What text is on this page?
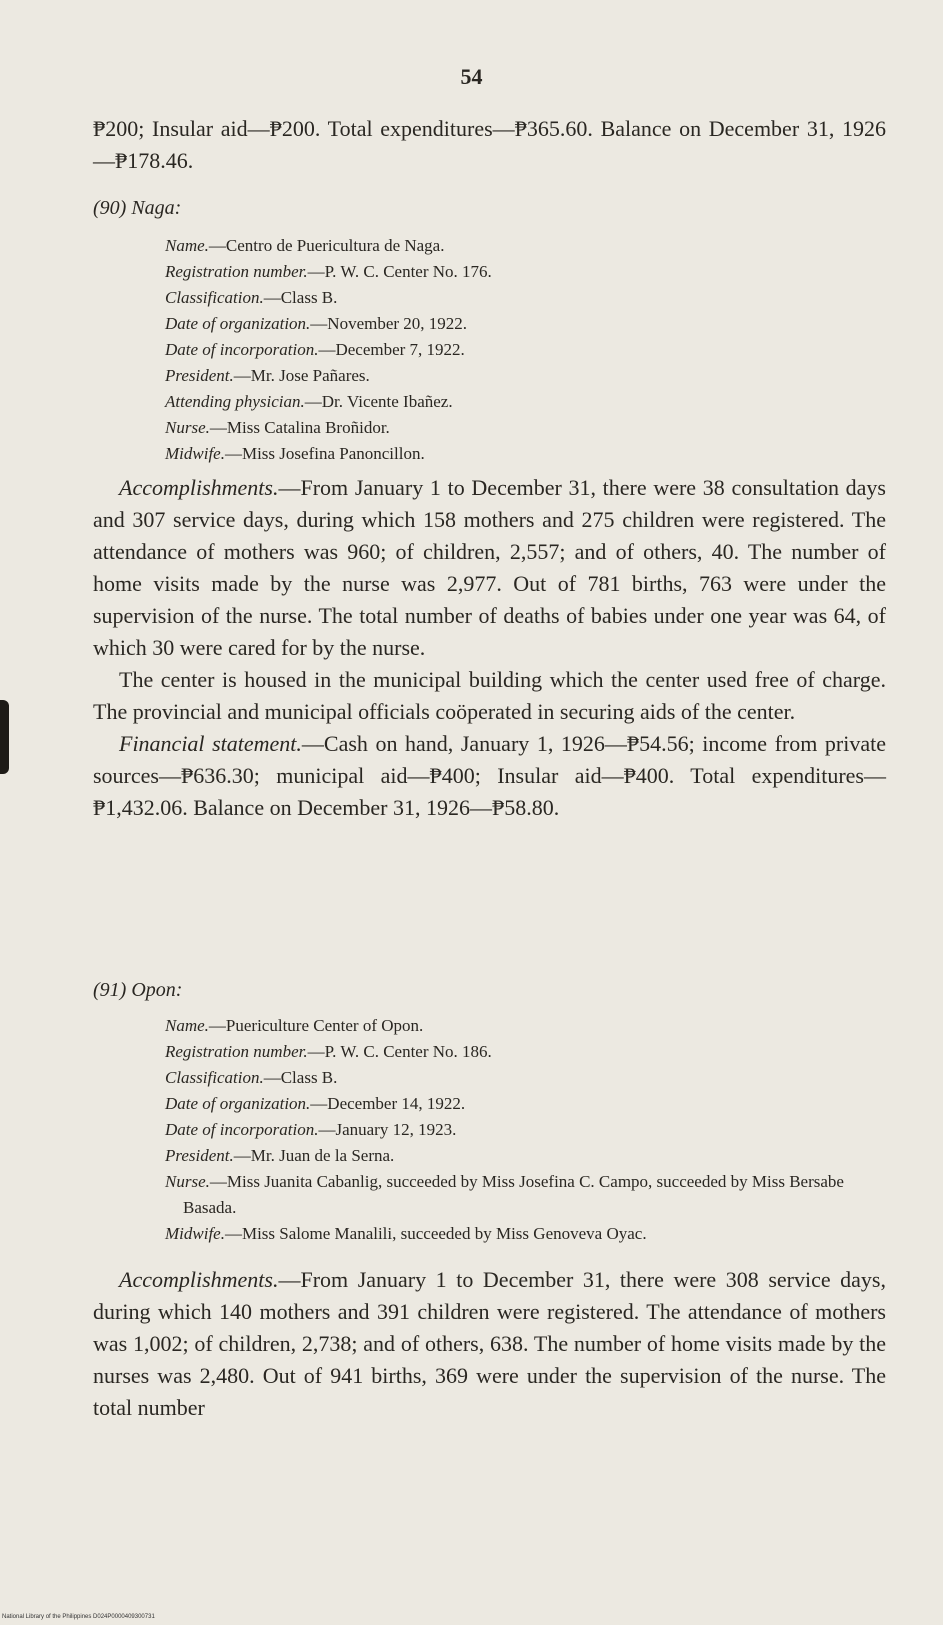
54

₱200; Insular aid—₱200. Total expenditures—₱365.60. Balance on December 31, 1926—₱178.46.

(90) Naga:

Name.—Centro de Puericultura de Naga.

Registration number.—P. W. C. Center No. 176.

Classification.—Class B.

Date of organization.—November 20, 1922.

Date of incorporation.—December 7, 1922.

President.—Mr. Jose Pañares.

Attending physician.—Dr. Vicente Ibañez.

Nurse.—Miss Catalina Broñidor.

Midwife.—Miss Josefina Panoncillon.

Accomplishments.—From January 1 to December 31, there were 38 consultation days and 307 service days, during which 158 mothers and 275 children were registered. The attendance of mothers was 960; of children, 2,557; and of others, 40. The number of home visits made by the nurse was 2,977. Out of 781 births, 763 were under the supervision of the nurse. The total number of deaths of babies under one year was 64, of which 30 were cared for by the nurse.

The center is housed in the municipal building which the center used free of charge. The provincial and municipal officials coöperated in securing aids of the center.

Financial statement.—Cash on hand, January 1, 1926—₱54.56; income from private sources—₱636.30; municipal aid—₱400; Insular aid—₱400. Total expenditures—₱1,432.06. Balance on December 31, 1926—₱58.80.

(91) Opon:

Name.—Puericulture Center of Opon.

Registration number.—P. W. C. Center No. 186.

Classification.—Class B.

Date of organization.—December 14, 1922.

Date of incorporation.—January 12, 1923.

President.—Mr. Juan de la Serna.

Nurse.—Miss Juanita Cabanlig, succeeded by Miss Josefina C. Campo, succeeded by Miss Bersabe Basada.

Midwife.—Miss Salome Manalili, succeeded by Miss Genoveva Oyac.

Accomplishments.—From January 1 to December 31, there were 308 service days, during which 140 mothers and 391 children were registered. The attendance of mothers was 1,002; of children, 2,738; and of others, 638. The number of home visits made by the nurses was 2,480. Out of 941 births, 369 were under the supervision of the nurse. The total number

National Library of the Philippines D024P0000409300731
